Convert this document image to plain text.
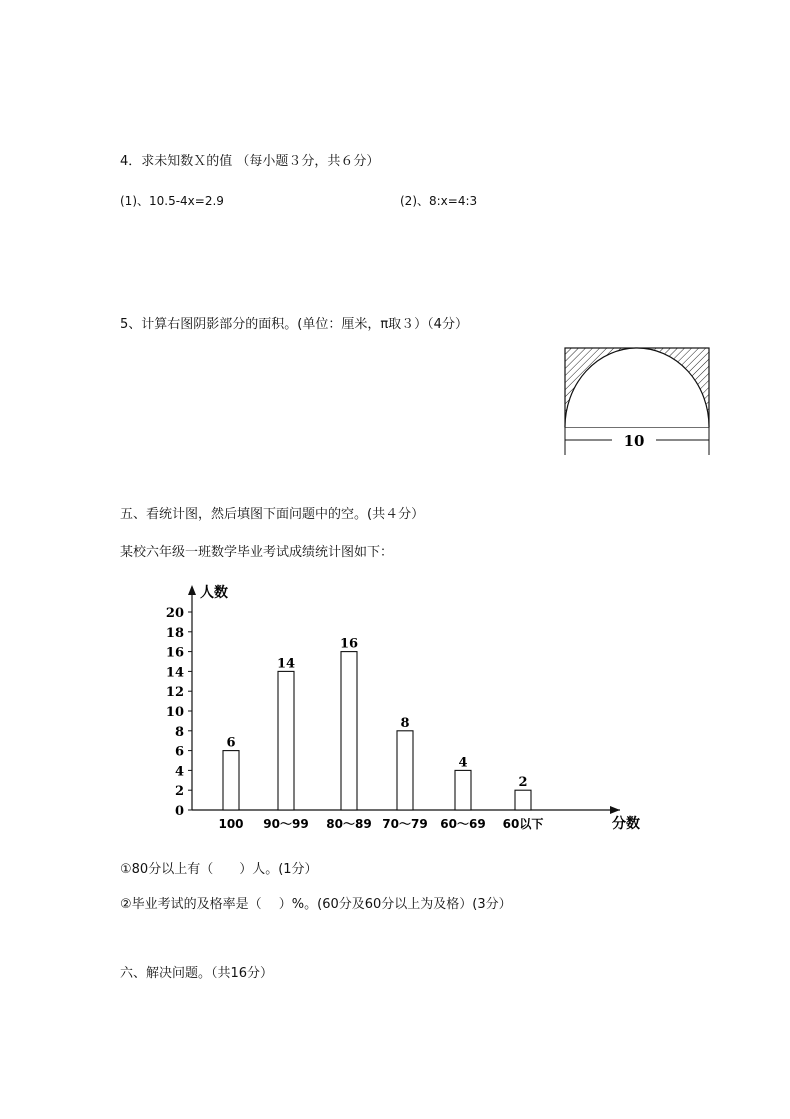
4．求未知数Ｘ的值 （每小题３分，共６分）
(1)、10.5-4x=2.9	(2)、8:x=4:3
5、计算右图阴影部分的面积。(单位：厘米，π取３）（4分）
10
五、看统计图，然后填图下面问题中的空。(共４分）
某校六年级一班数学毕业考试成绩统计图如下：
人数
分数
0
2
4
6
8
10
12
14
16
18
20
6
100
14
90～99
16
80～89
8
70～79
4
60～69
2
60以下
①80分以上有（　　）人。(1分）
②毕业考试的及格率是（　 ）%。(60分及60分以上为及格）(3分）
六、解决问题。（共16分）
